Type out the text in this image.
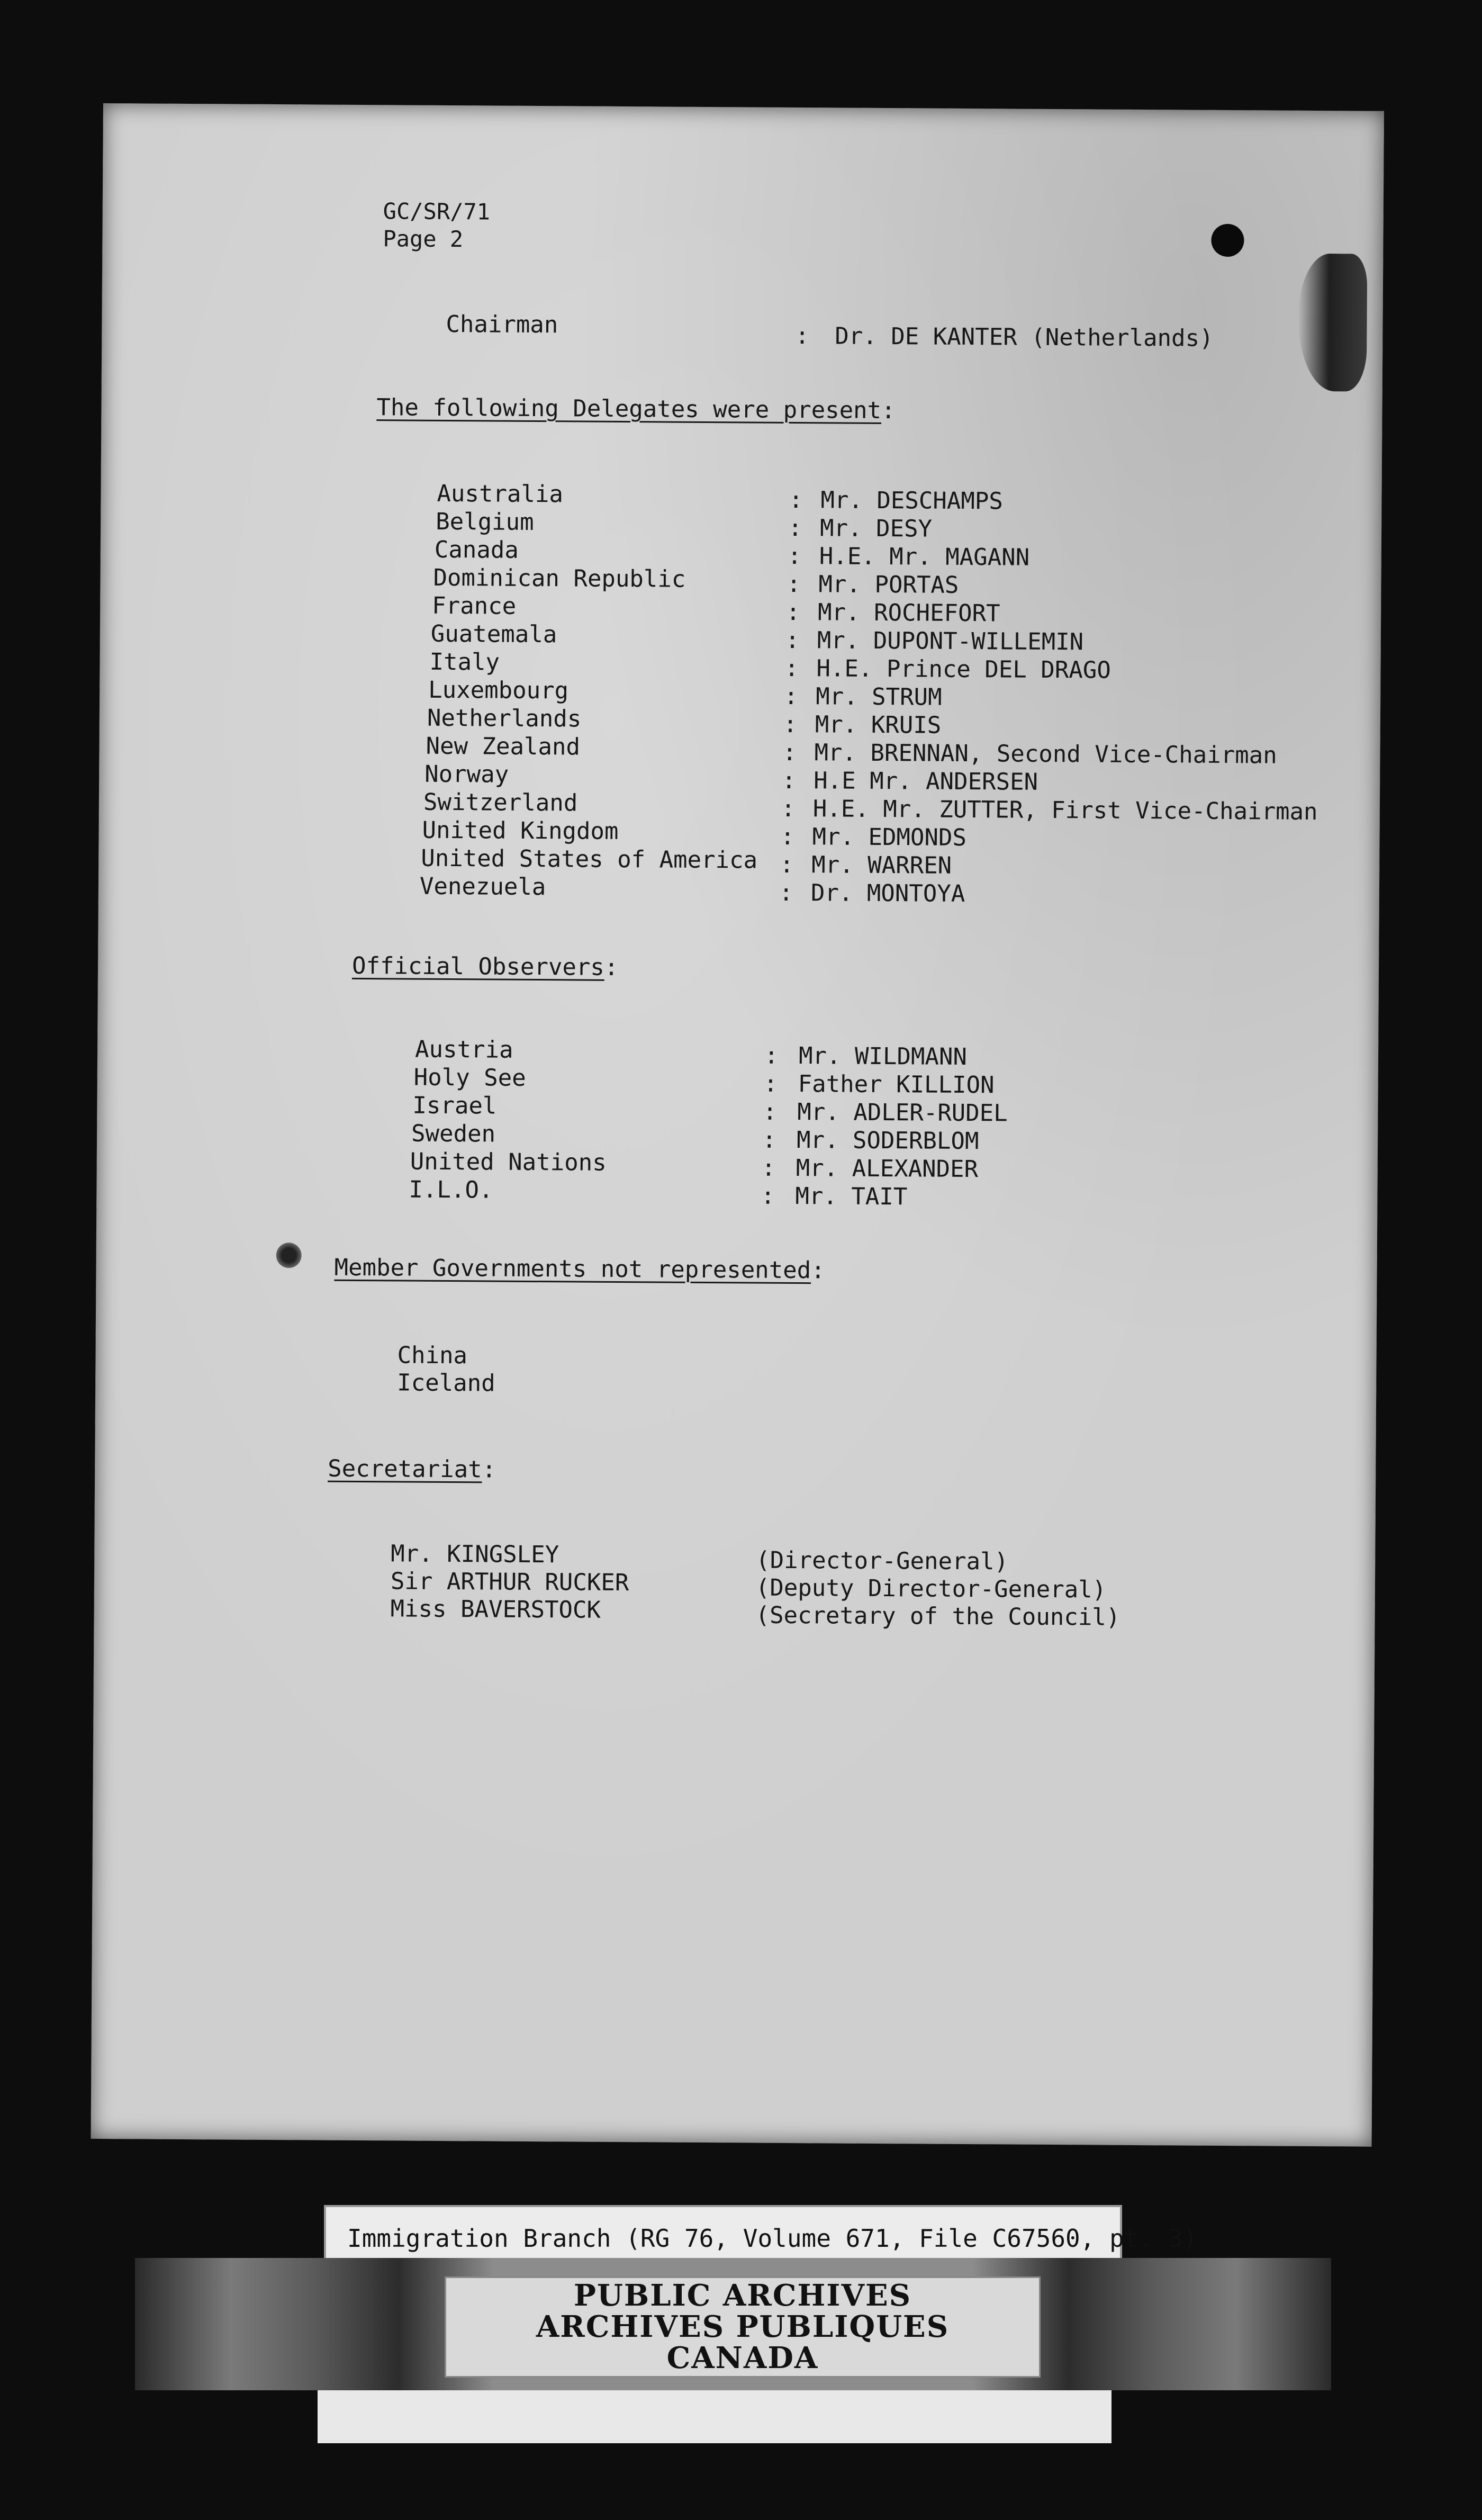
GC/SR/71
Page 2
Chairman	: Dr. DE KANTER (Netherlands)
The following Delegates were present:
Australia	: Mr. DESCHAMPS
Belgium	: Mr. DESY
Canada	: H.E. Mr. MAGANN
Dominican Republic	: Mr. PORTAS
France	: Mr. ROCHEFORT
Guatemala	: Mr. DUPONT-WILLEMIN
Italy	: H.E. Prince DEL DRAGO
Luxembourg	: Mr. STRUM
Netherlands	: Mr. KRUIS
New Zealand	: Mr. BRENNAN, Second Vice-Chairman
Norway	: H.E Mr. ANDERSEN
Switzerland	: H.E. Mr. ZUTTER, First Vice-Chairman
United Kingdom	: Mr. EDMONDS
United States of America : Mr. WARREN
Venezuela	: Dr. MONTOYA
Official Observers:
Austria	: Mr. WILDMANN
Holy See	: Father KILLION
Israel	: Mr. ADLER-RUDEL
Sweden	: Mr. SODERBLOM
United Nations	: Mr. ALEXANDER
I.L.O.	: Mr. TAIT
Member Governments not represented:
China
Iceland
Secretariat:
Mr. KINGSLEY	(Director-General)
Sir ARTHUR RUCKER	(Deputy Director-General)
Miss BAVERSTOCK	(Secretary of the Council)
Immigration Branch (RG 76, Volume 671, File C67560, pt. 3)
PUBLIC ARCHIVES
ARCHIVES PUBLIQUES
CANADA
